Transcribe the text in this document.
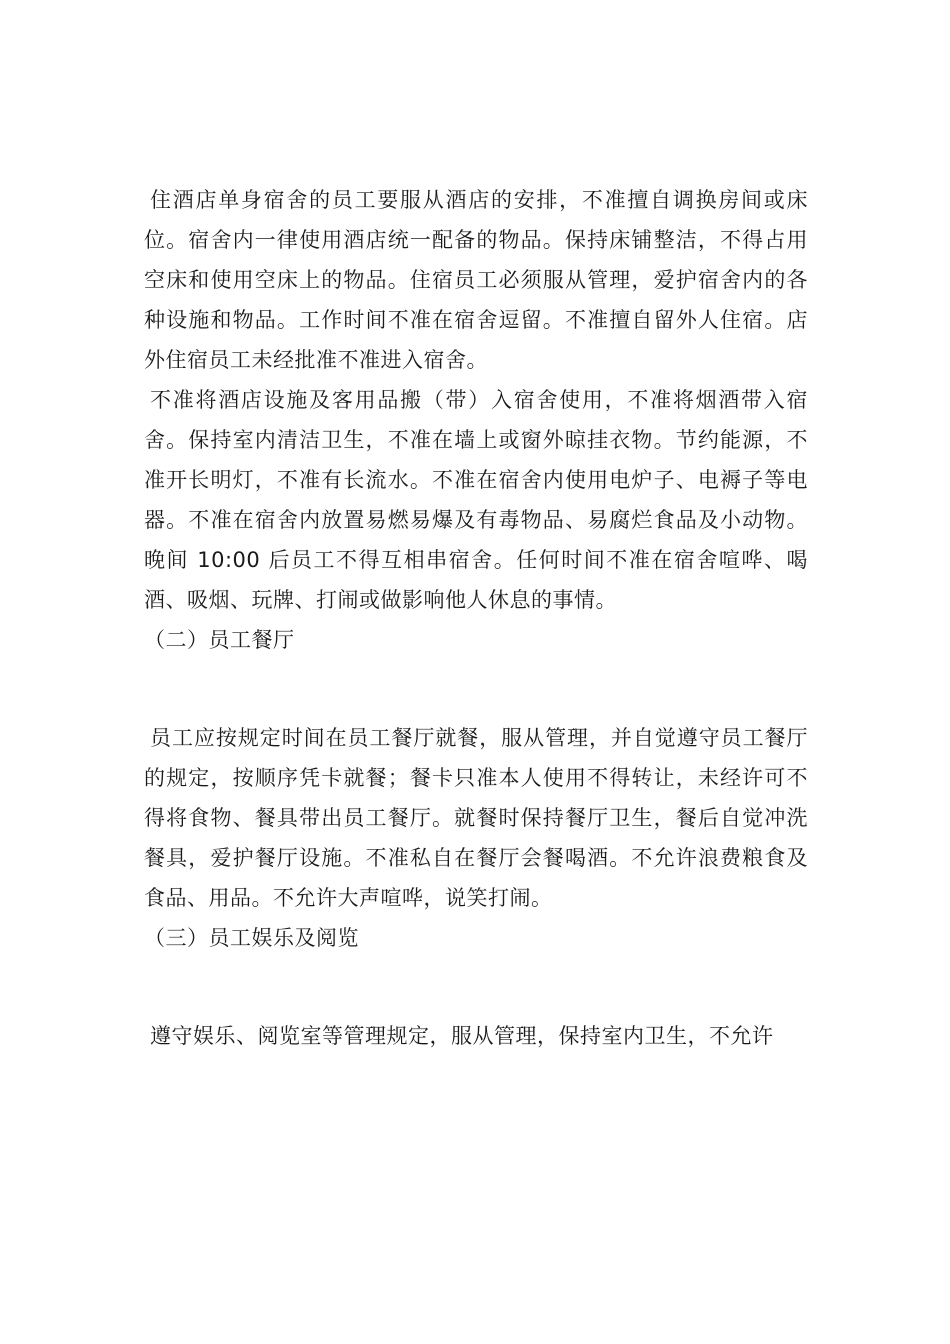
住酒店单身宿舍的员工要服从酒店的安排，不准擅自调换房间或床位。宿舍内一律使用酒店统一配备的物品。保持床铺整洁，不得占用空床和使用空床上的物品。住宿员工必须服从管理，爱护宿舍内的各种设施和物品。工作时间不准在宿舍逗留。不准擅自留外人住宿。店外住宿员工未经批准不准进入宿舍。

不准将酒店设施及客用品搬（带）入宿舍使用，不准将烟酒带入宿舍。保持室内清洁卫生，不准在墙上或窗外晾挂衣物。节约能源，不准开长明灯，不准有长流水。不准在宿舍内使用电炉子、电褥子等电器。不准在宿舍内放置易燃易爆及有毒物品、易腐烂食品及小动物。晚间 10:00 后员工不得互相串宿舍。任何时间不准在宿舍喧哗、喝酒、吸烟、玩牌、打闹或做影响他人休息的事情。

（二）员工餐厅

员工应按规定时间在员工餐厅就餐，服从管理，并自觉遵守员工餐厅的规定，按顺序凭卡就餐；餐卡只准本人使用不得转让，未经许可不得将食物、餐具带出员工餐厅。就餐时保持餐厅卫生，餐后自觉冲洗餐具，爱护餐厅设施。不准私自在餐厅会餐喝酒。不允许浪费粮食及食品、用品。不允许大声喧哗，说笑打闹。

（三）员工娱乐及阅览

遵守娱乐、阅览室等管理规定，服从管理，保持室内卫生，不允许
